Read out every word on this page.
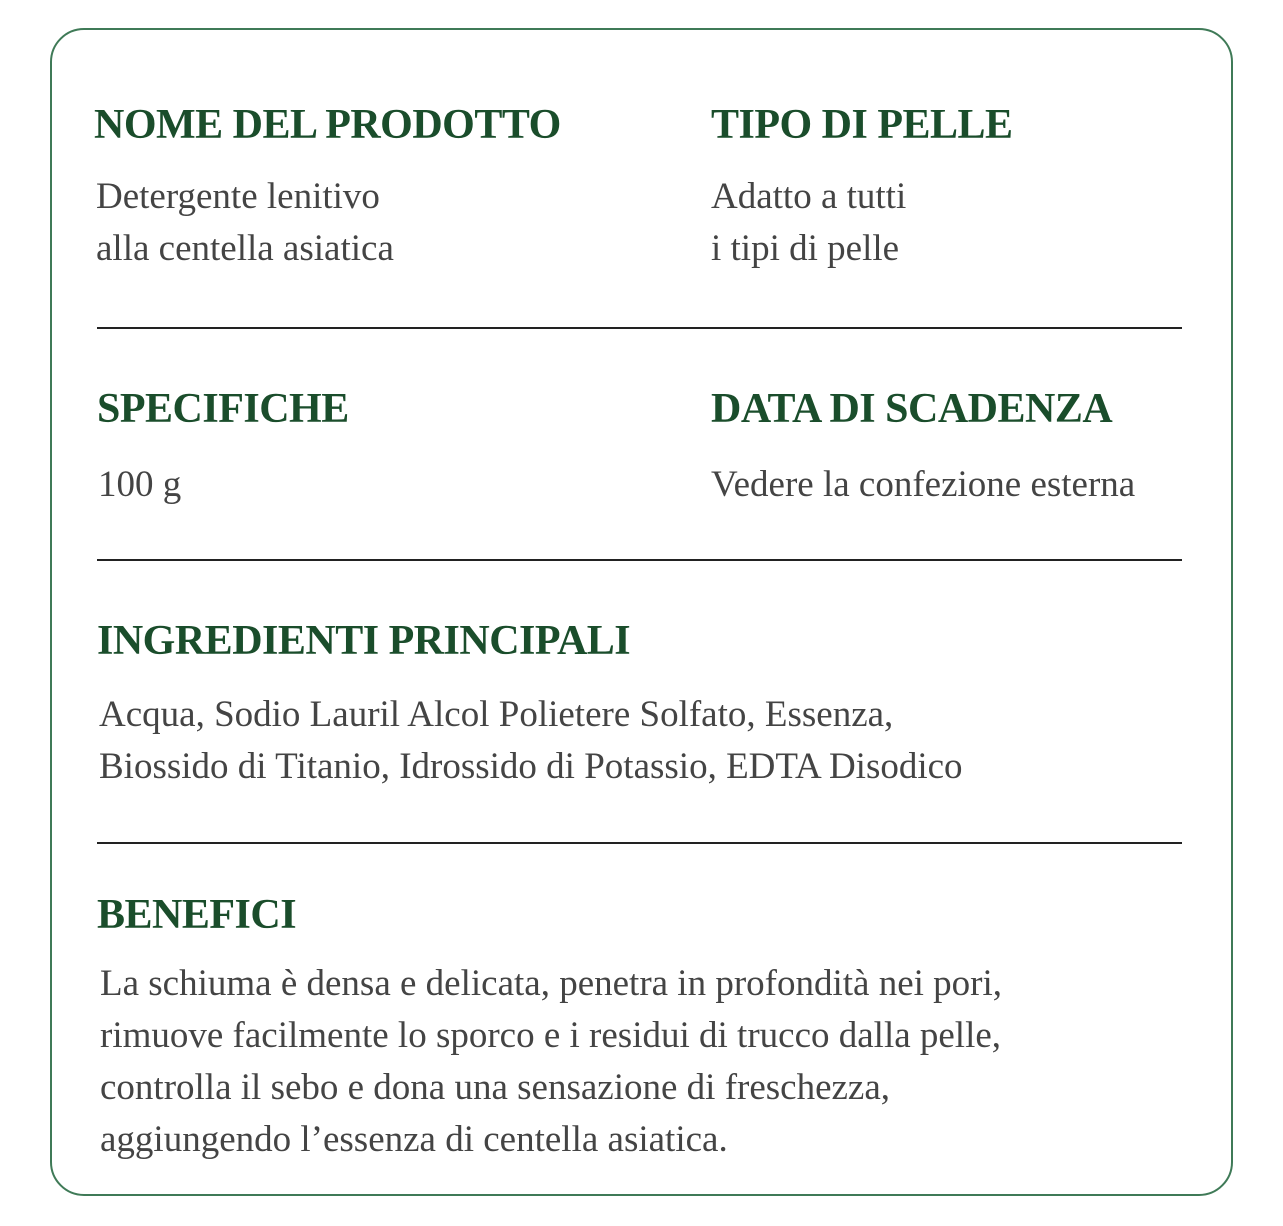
NOME DEL PRODOTTO

Detergente lenitivo
alla centella asiatica

TIPO DI PELLE

Adatto a tutti
i tipi di pelle

SPECIFICHE

100 g

DATA DI SCADENZA

Vedere la confezione esterna

INGREDIENTI PRINCIPALI

Acqua, Sodio Lauril Alcol Polietere Solfato, Essenza,
Biossido di Titanio, Idrossido di Potassio, EDTA Disodico

BENEFICI

La schiuma è densa e delicata, penetra in profondità nei pori,
rimuove facilmente lo sporco e i residui di trucco dalla pelle,
controlla il sebo e dona una sensazione di freschezza,
aggiungendo l’essenza di centella asiatica.
